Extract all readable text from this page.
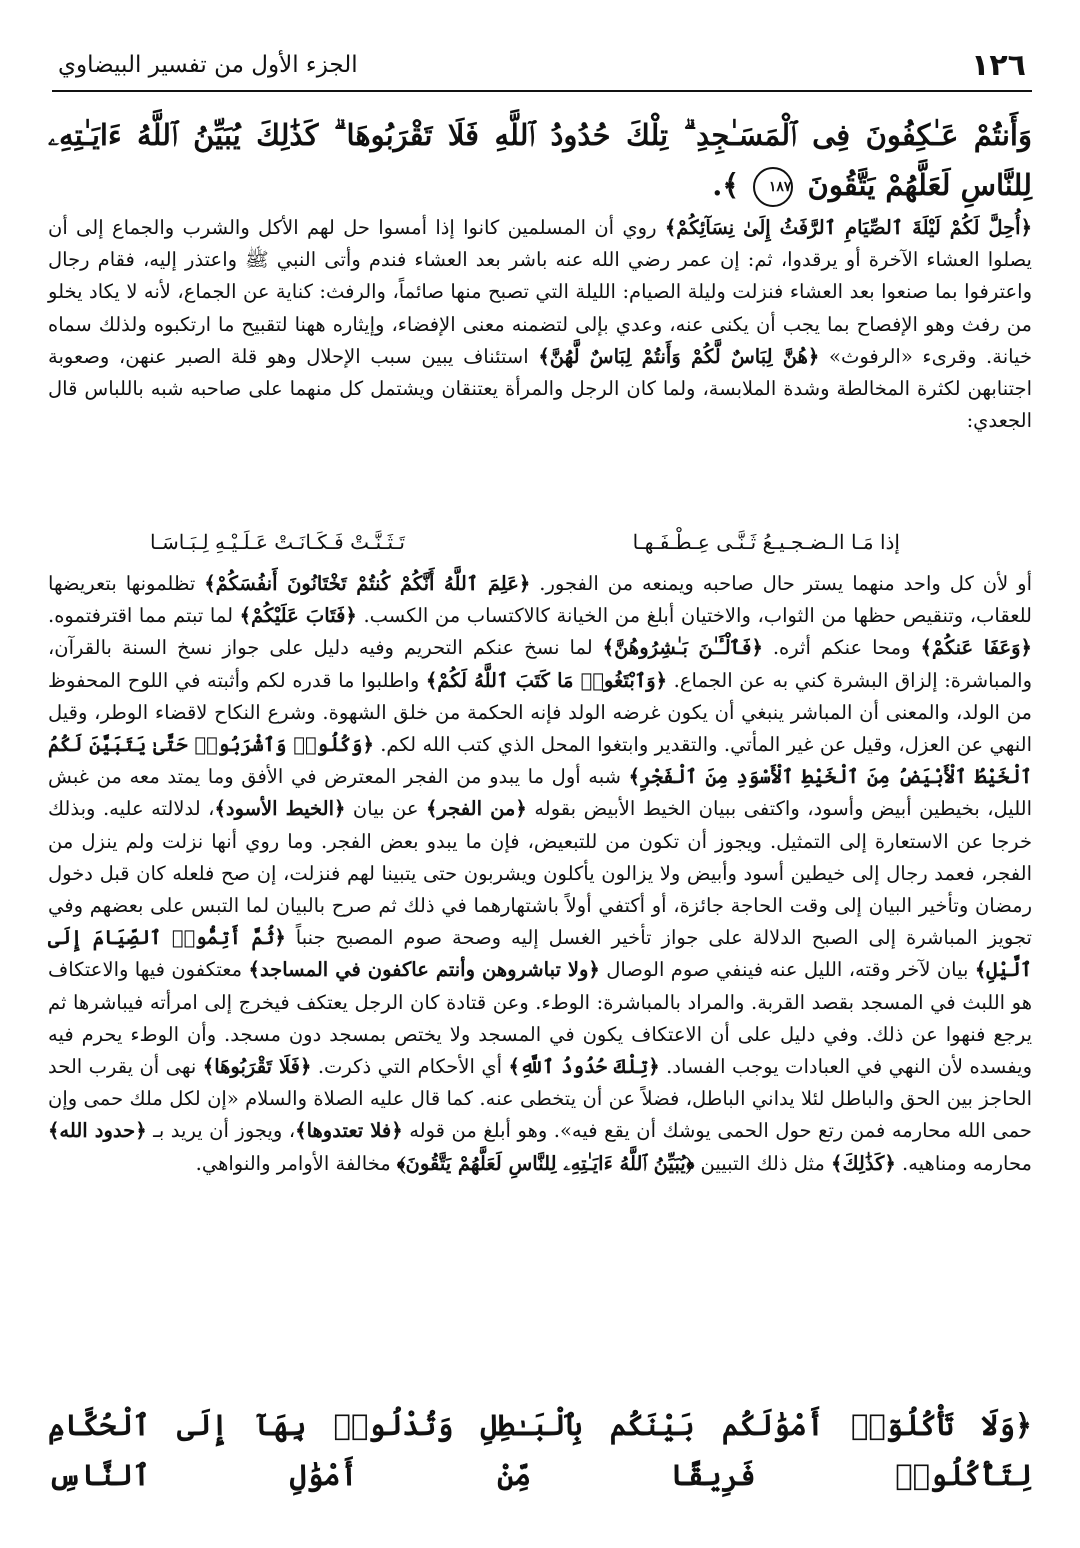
١٢٦
الجزء الأول من تفسير البيضاوي
وَأَنتُمْ عَـٰكِفُونَ فِى ٱلْمَسَـٰجِدِ ۗ تِلْكَ حُدُودُ ٱللَّهِ فَلَا تَقْرَبُوهَا ۗ كَذَٰلِكَ يُبَيِّنُ ٱللَّهُ ءَايَـٰتِهِۦ لِلنَّاسِ لَعَلَّهُمْ يَتَّقُونَ ١٨٧ ﴾.

﴿أُحِلَّ لَكُمْ لَيْلَةَ ٱلصِّيَامِ ٱلرَّفَثُ إِلَىٰ نِسَآئِكُمْ﴾ روي أن المسلمين كانوا إذا أمسوا حل لهم الأكل والشرب والجماع إلى أن يصلوا العشاء الآخرة أو يرقدوا، ثم: إن عمر رضي الله عنه باشر بعد العشاء فندم وأتى النبي ﷺ واعتذر إليه، فقام رجال واعترفوا بما صنعوا بعد العشاء فنزلت وليلة الصيام: الليلة التي تصبح منها صائماً، والرفث: كناية عن الجماع، لأنه لا يكاد يخلو من رفث وهو الإفصاح بما يجب أن يكنى عنه، وعدي بإلى لتضمنه معنى الإفضاء، وإيثاره ههنا لتقبيح ما ارتكبوه ولذلك سماه خيانة. وقرىء «الرفوث» ﴿هُنَّ لِبَاسٌ لَّكُمْ وَأَنتُمْ لِبَاسٌ لَّهُنَّ﴾ استئناف يبين سبب الإحلال وهو قلة الصبر عنهن، وصعوبة اجتنابهن لكثرة المخالطة وشدة الملابسة، ولما كان الرجل والمرأة يعتنقان ويشتمل كل منهما على صاحبه شبه باللباس قال الجعدي:

إذا مَـا الـضـجـيـعُ ثَـنَّـى عِـطْـفَـهـا
تَـثَـنَّـتْ فَـكَـانَـتْ عَـلَـيْـهِ لِـبَـاسَـا

أو لأن كل واحد منهما يستر حال صاحبه ويمنعه من الفجور. ﴿عَلِمَ ٱللَّهُ أَنَّكُمْ كُنتُمْ تَخْتَانُونَ أَنفُسَكُمْ﴾ تظلمونها بتعريضها للعقاب، وتنقيص حظها من الثواب، والاختيان أبلغ من الخيانة كالاكتساب من الكسب. ﴿فَتَابَ عَلَيْكُمْ﴾ لما تبتم مما اقترفتموه. ﴿وَعَفَا عَنكُمْ﴾ ومحا عنكم أثره. ﴿فَٱلْـَٔـٰنَ بَـٰشِرُوهُنَّ﴾ لما نسخ عنكم التحريم وفيه دليل على جواز نسخ السنة بالقرآن، والمباشرة: إلزاق البشرة كني به عن الجماع. ﴿وَٱبْتَغُوا۟ مَا كَتَبَ ٱللَّهُ لَكُمْ﴾ واطلبوا ما قدره لكم وأثبته في اللوح المحفوظ من الولد، والمعنى أن المباشر ينبغي أن يكون غرضه الولد فإنه الحكمة من خلق الشهوة. وشرع النكاح لاقضاء الوطر، وقيل النهي عن العزل، وقيل عن غير المأتي. والتقدير وابتغوا المحل الذي كتب الله لكم. ﴿وَكُلُوا۟ وَٱشْرَبُوا۟ حَتَّىٰ يَتَبَيَّنَ لَكُمُ ٱلْخَيْطُ ٱلْأَبْيَضُ مِنَ ٱلْخَيْطِ ٱلْأَسْوَدِ مِنَ ٱلْفَجْرِ﴾ شبه أول ما يبدو من الفجر المعترض في الأفق وما يمتد معه من غبش الليل، بخيطين أبيض وأسود، واكتفى ببيان الخيط الأبيض بقوله ﴿من الفجر﴾ عن بيان ﴿الخيط الأسود﴾، لدلالته عليه. وبذلك خرجا عن الاستعارة إلى التمثيل. ويجوز أن تكون من للتبعيض، فإن ما يبدو بعض الفجر. وما روي أنها نزلت ولم ينزل من الفجر، فعمد رجال إلى خيطين أسود وأبيض ولا يزالون يأكلون ويشربون حتى يتبينا لهم فنزلت، إن صح فلعله كان قبل دخول رمضان وتأخير البيان إلى وقت الحاجة جائزة، أو أكتفي أولاً باشتهارهما في ذلك ثم صرح بالبيان لما التبس على بعضهم وفي تجويز المباشرة إلى الصبح الدلالة على جواز تأخير الغسل إليه وصحة صوم المصبح جنباً ﴿ثُمَّ أَتِمُّوا۟ ٱلصِّيَامَ إِلَى ٱلَّيْلِ﴾ بيان لآخر وقته، الليل عنه فينفي صوم الوصال ﴿ولا تباشروهن وأنتم عاكفون في المساجد﴾ معتكفون فيها والاعتكاف هو اللبث في المسجد بقصد القربة. والمراد بالمباشرة: الوطء. وعن قتادة كان الرجل يعتكف فيخرج إلى امرأته فيباشرها ثم يرجع فنهوا عن ذلك. وفي دليل على أن الاعتكاف يكون في المسجد ولا يختص بمسجد دون مسجد. وأن الوطء يحرم فيه ويفسده لأن النهي في العبادات يوجب الفساد. ﴿تِلْكَ حُدُودُ ٱللَّهِ﴾ أي الأحكام التي ذكرت. ﴿فَلَا تَقْرَبُوهَا﴾ نهى أن يقرب الحد الحاجز بين الحق والباطل لئلا يداني الباطل، فضلاً عن أن يتخطى عنه. كما قال عليه الصلاة والسلام «إن لكل ملك حمى وإن حمى الله محارمه فمن رتع حول الحمى يوشك أن يقع فيه». وهو أبلغ من قوله ﴿فلا تعتدوها﴾، ويجوز أن يريد بـ ﴿حدود الله﴾ محارمه ومناهيه. ﴿كَذَٰلِكَ﴾ مثل ذلك التبيين ﴿يُبَيِّنُ ٱللَّهُ ءَايَـٰتِهِۦ لِلنَّاسِ لَعَلَّهُمْ يَتَّقُونَ﴾ مخالفة الأوامر والنواهي.

﴿وَلَا تَأْكُلُوٓا۟ أَمْوَٰلَكُم بَيْنَكُم بِٱلْبَـٰطِلِ وَتُدْلُوا۟ بِهَآ إِلَى ٱلْحُكَّامِ لِتَأْكُلُوا۟ فَرِيقًا مِّنْ أَمْوَٰلِ ٱلنَّاسِ
